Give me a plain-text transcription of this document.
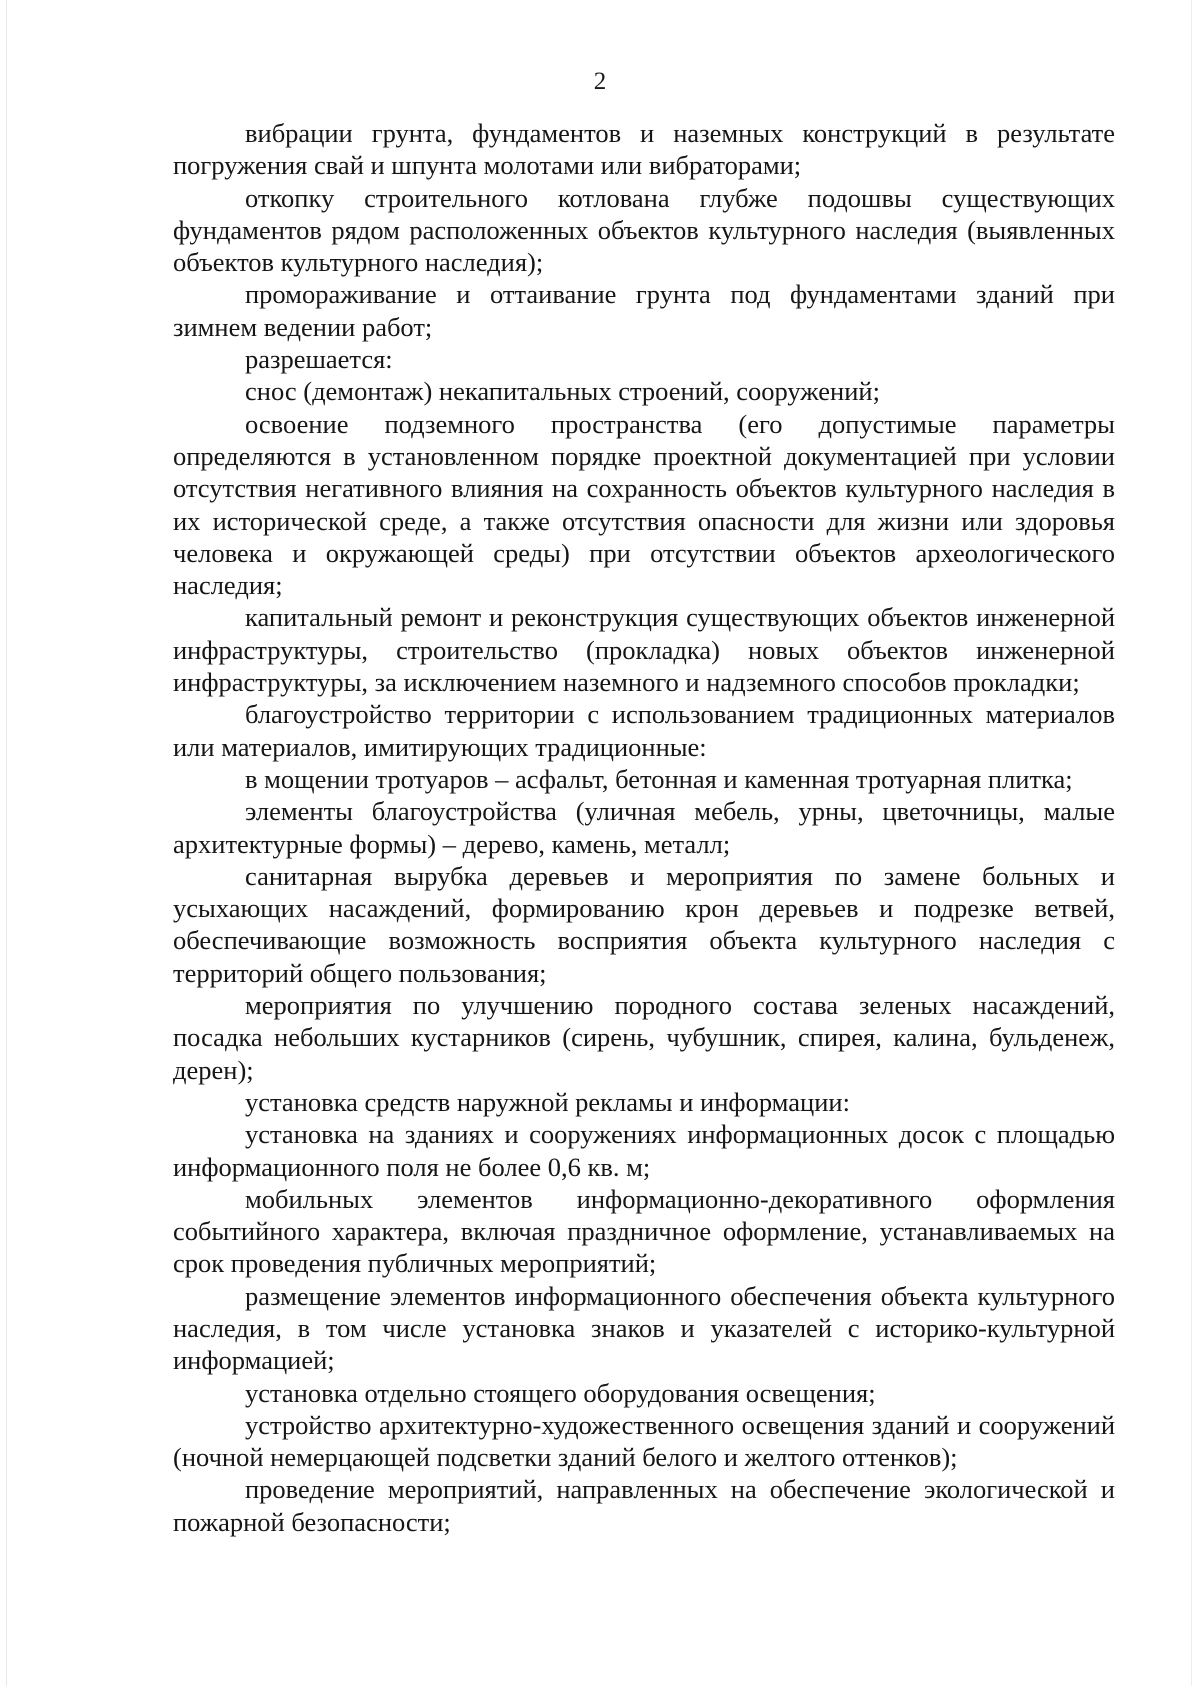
2

вибрации грунта, фундаментов и наземных конструкций в результате погружения свай и шпунта молотами или вибраторами;

откопку строительного котлована глубже подошвы существующих фундаментов рядом расположенных объектов культурного наследия (выявленных объектов культурного наследия);

промораживание и оттаивание грунта под фундаментами зданий при зимнем ведении работ;

разрешается:

снос (демонтаж) некапитальных строений, сооружений;

освоение подземного пространства (его допустимые параметры определяются в установленном порядке проектной документацией при условии отсутствия негативного влияния на сохранность объектов культурного наследия в их исторической среде, а также отсутствия опасности для жизни или здоровья человека и окружающей среды) при отсутствии объектов археологического наследия;

капитальный ремонт и реконструкция существующих объектов инженерной инфраструктуры, строительство (прокладка) новых объектов инженерной инфраструктуры, за исключением наземного и надземного способов прокладки;

благоустройство территории с использованием традиционных материалов или материалов, имитирующих традиционные:

в мощении тротуаров – асфальт, бетонная и каменная тротуарная плитка;

элементы благоустройства (уличная мебель, урны, цветочницы, малые архитектурные формы) – дерево, камень, металл;

санитарная вырубка деревьев и мероприятия по замене больных и усыхающих насаждений, формированию крон деревьев и подрезке ветвей, обеспечивающие возможность восприятия объекта культурного наследия с территорий общего пользования;

мероприятия по улучшению породного состава зеленых насаждений, посадка небольших кустарников (сирень, чубушник, спирея, калина, бульденеж, дерен);

установка средств наружной рекламы и информации:

установка на зданиях и сооружениях информационных досок с площадью информационного поля не более 0,6 кв. м;

мобильных элементов информационно-декоративного оформления событийного характера, включая праздничное оформление, устанавливаемых на срок проведения публичных мероприятий;

размещение элементов информационного обеспечения объекта культурного наследия, в том числе установка знаков и указателей с историко-культурной информацией;

установка отдельно стоящего оборудования освещения;

устройство архитектурно-художественного освещения зданий и сооружений (ночной немерцающей подсветки зданий белого и желтого оттенков);

проведение мероприятий, направленных на обеспечение экологической и пожарной безопасности;
